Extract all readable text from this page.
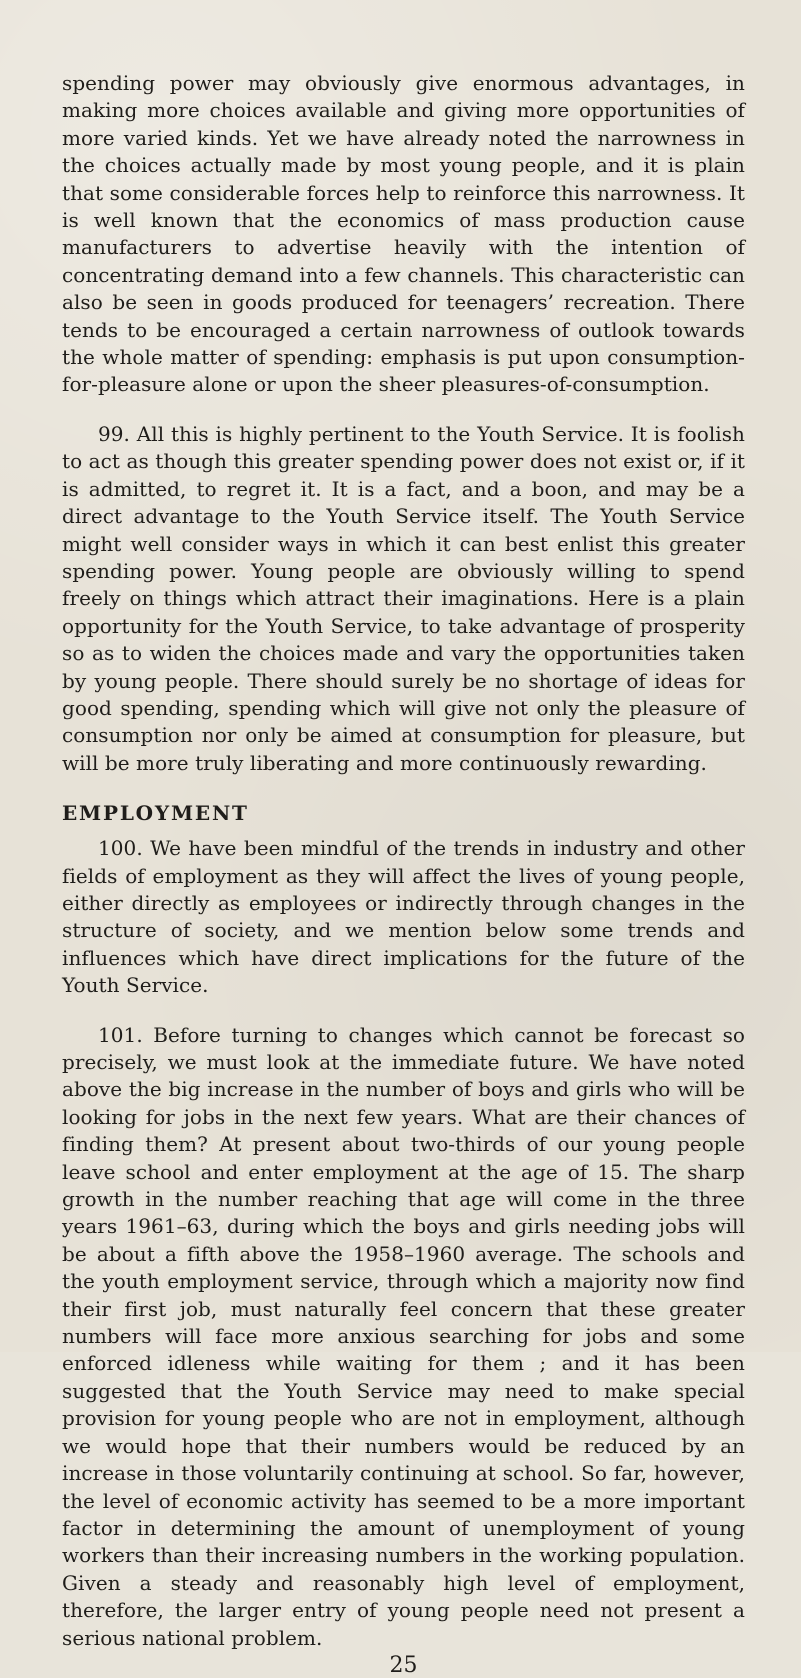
spending power may obviously give enormous advantages, in making more choices available and giving more opportunities of more varied kinds. Yet we have already noted the narrowness in the choices actually made by most young people, and it is plain that some considerable forces help to reinforce this narrowness. It is well known that the economics of mass production cause manufacturers to advertise heavily with the intention of concentrating demand into a few channels. This characteristic can also be seen in goods produced for teenagers’ recreation. There tends to be encouraged a certain narrowness of outlook towards the whole matter of spending: emphasis is put upon consumption-for-pleasure alone or upon the sheer pleasures-of-consumption.

99. All this is highly pertinent to the Youth Service. It is foolish to act as though this greater spending power does not exist or, if it is admitted, to regret it. It is a fact, and a boon, and may be a direct advantage to the Youth Service itself. The Youth Service might well consider ways in which it can best enlist this greater spending power. Young people are obviously willing to spend freely on things which attract their imaginations. Here is a plain opportunity for the Youth Service, to take advantage of prosperity so as to widen the choices made and vary the opportunities taken by young people. There should surely be no shortage of ideas for good spending, spending which will give not only the pleasure of consumption nor only be aimed at consumption for pleasure, but will be more truly liberating and more continuously rewarding.

EMPLOYMENT

100. We have been mindful of the trends in industry and other fields of employment as they will affect the lives of young people, either directly as employees or indirectly through changes in the structure of society, and we mention below some trends and influences which have direct implications for the future of the Youth Service.

101. Before turning to changes which cannot be forecast so precisely, we must look at the immediate future. We have noted above the big increase in the number of boys and girls who will be looking for jobs in the next few years. What are their chances of finding them? At present about two-thirds of our young people leave school and enter employment at the age of 15. The sharp growth in the number reaching that age will come in the three years 1961–63, during which the boys and girls needing jobs will be about a fifth above the 1958–1960 average. The schools and the youth employment service, through which a majority now find their first job, must naturally feel concern that these greater numbers will face more anxious searching for jobs and some enforced idleness while waiting for them ; and it has been suggested that the Youth Service may need to make special provision for young people who are not in employment, although we would hope that their numbers would be reduced by an increase in those voluntarily continuing at school. So far, however, the level of economic activity has seemed to be a more important factor in determining the amount of unemployment of young workers than their increasing numbers in the working population. Given a steady and reasonably high level of employment, therefore, the larger entry of young people need not present a serious national problem.

25
